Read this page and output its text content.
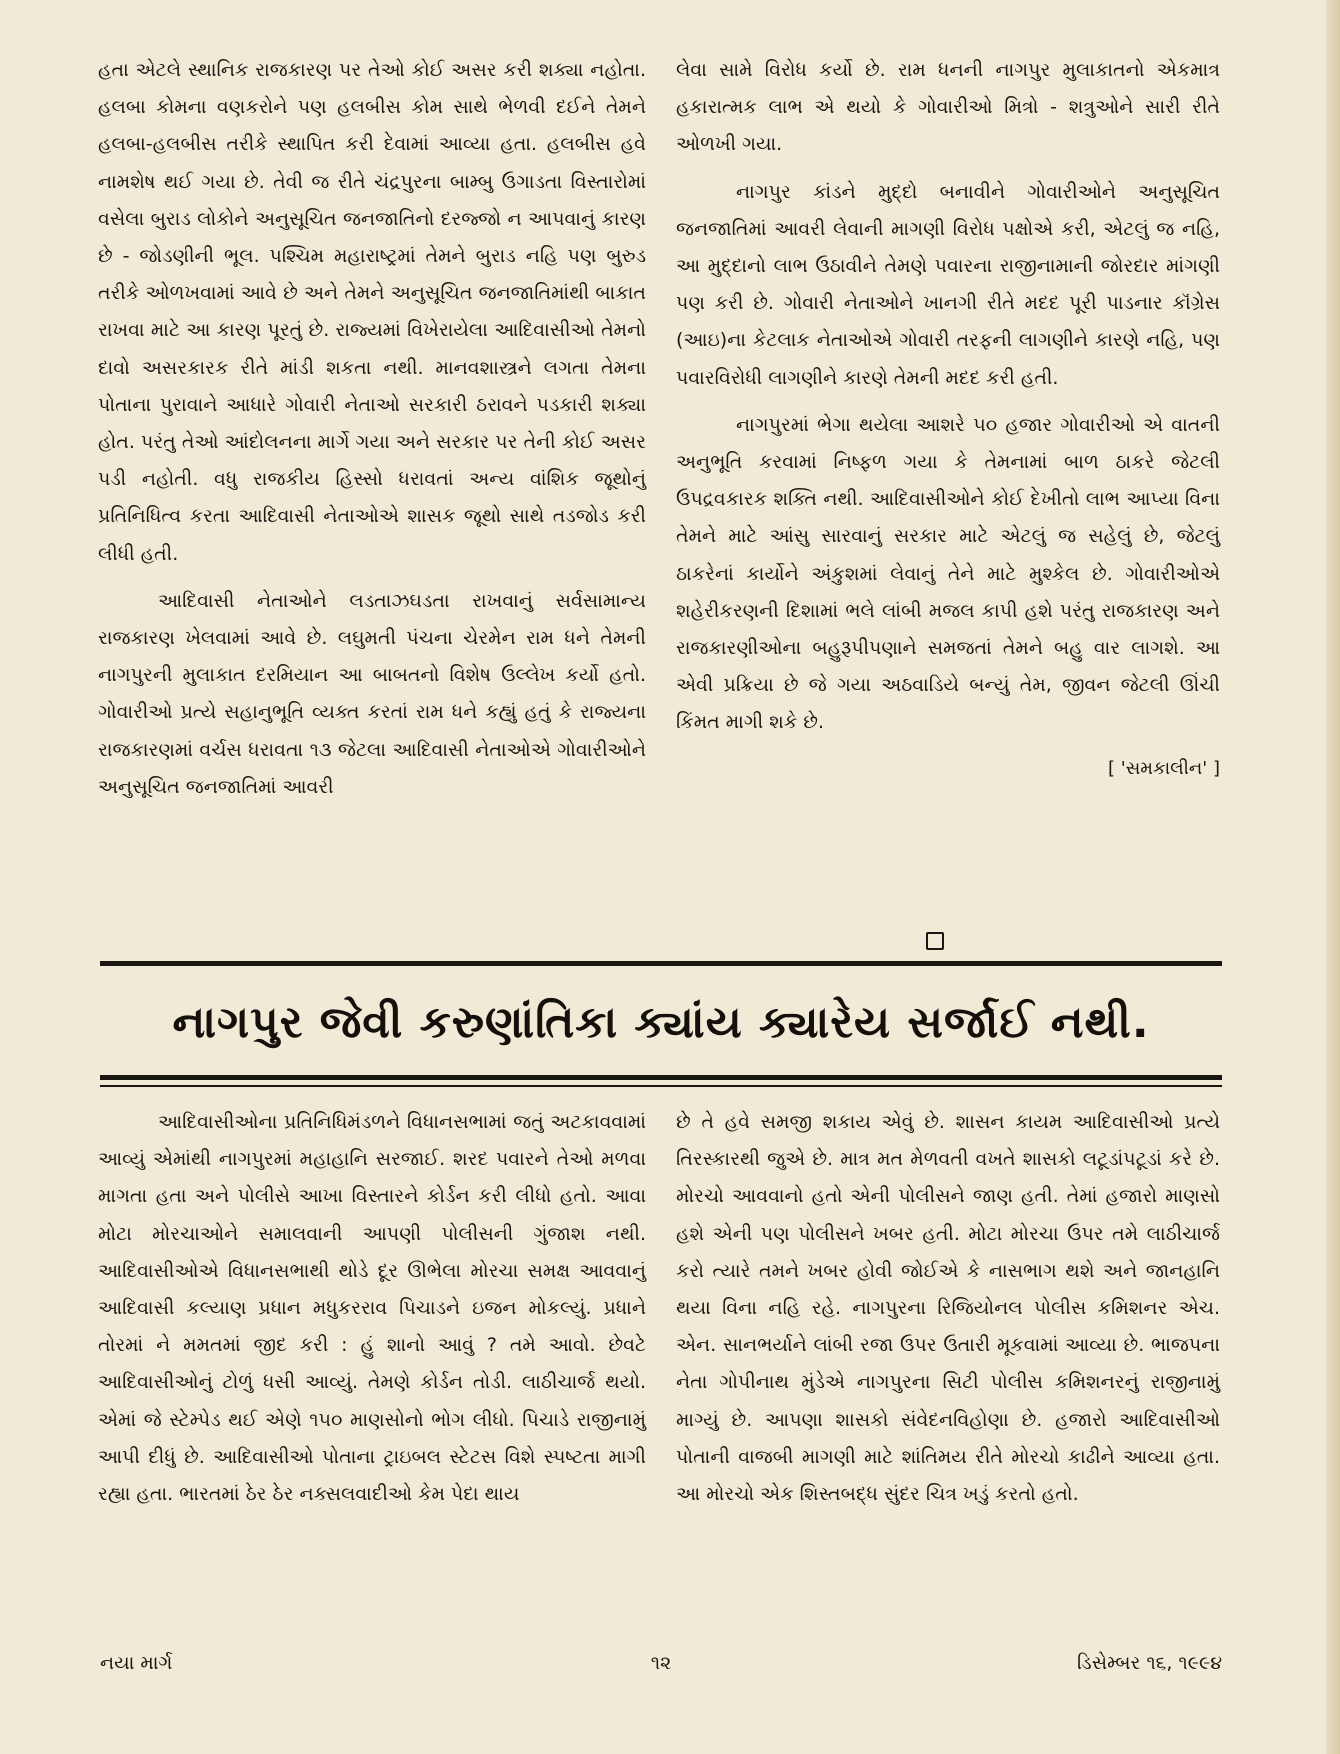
હતા એટલે સ્થાનિક રાજકારણ પર તેઓ કોઈ અસર કરી શક્યા નહોતા. હલબા કોમના વણકરોને પણ હલબીસ કોમ સાથે ભેળવી દઈને તેમને હલબા-હલબીસ તરીકે સ્થાપિત કરી દેવામાં આવ્યા હતા. હલબીસ હવે નામશેષ થઈ ગયા છે. તેવી જ રીતે ચંદ્રપુરના બામ્બુ ઉગાડતા વિસ્તારોમાં વસેલા બુરાડ લોકોને અનુસૂચિત જનજાતિનો દરજ્જો ન આપવાનું કારણ છે - જોડણીની ભૂલ. પશ્ચિમ મહારાષ્ટ્રમાં તેમને બુરાડ નહિ પણ બુરુડ તરીકે ઓળખવામાં આવે છે અને તેમને અનુસૂચિત જનજાતિમાંથી બાકાત રાખવા માટે આ કારણ પૂરતું છે. રાજ્યમાં વિખેરાયેલા આદિવાસીઓ તેમનો દાવો અસરકારક રીતે માંડી શકતા નથી. માનવશાસ્ત્રને લગતા તેમના પોતાના પુરાવાને આધારે ગોવારી નેતાઓ સરકારી ઠરાવને પડકારી શક્યા હોત. પરંતુ તેઓ આંદોલનના માર્ગે ગયા અને સરકાર પર તેની કોઈ અસર પડી નહોતી. વધુ રાજકીય હિસ્સો ધરાવતાં અન્ય વાંશિક જૂથોનું પ્રતિનિધિત્વ કરતા આદિવાસી નેતાઓએ શાસક જૂથો સાથે તડજોડ કરી લીધી હતી.

આદિવાસી નેતાઓને લડતાઝઘડતા રાખવાનું સર્વસામાન્ય રાજકારણ ખેલવામાં આવે છે. લઘુમતી પંચના ચેરમેન રામ ધને તેમની નાગપુરની મુલાકાત દરમિયાન આ બાબતનો વિશેષ ઉલ્લેખ કર્યો હતો. ગોવારીઓ પ્રત્યે સહાનુભૂતિ વ્યક્ત કરતાં રામ ધને કહ્યું હતું કે રાજ્યના રાજકારણમાં વર્ચસ ધરાવતા ૧૩ જેટલા આદિવાસી નેતાઓએ ગોવારીઓને અનુસૂચિત જનજાતિમાં આવરી

લેવા સામે વિરોધ કર્યો છે. રામ ધનની નાગપુર મુલાકાતનો એકમાત્ર હકારાત્મક લાભ એ થયો કે ગોવારીઓ મિત્રો - શત્રુઓને સારી રીતે ઓળખી ગયા.

નાગપુર કાંડને મુદ્દો બનાવીને ગોવારીઓને અનુસૂચિત જનજાતિમાં આવરી લેવાની માગણી વિરોધ પક્ષોએ કરી, એટલું જ નહિ, આ મુદ્દાનો લાભ ઉઠાવીને તેમણે પવારના રાજીનામાની જોરદાર માંગણી પણ કરી છે. ગોવારી નેતાઓને ખાનગી રીતે મદદ પૂરી પાડનાર કૉંગ્રેસ (આઇ)ના કેટલાક નેતાઓએ ગોવારી તરફની લાગણીને કારણે નહિ, પણ પવારવિરોધી લાગણીને કારણે તેમની મદદ કરી હતી.

નાગપુરમાં ભેગા થયેલા આશરે ૫૦ હજાર ગોવારીઓ એ વાતની અનુભૂતિ કરવામાં નિષ્ફળ ગયા કે તેમનામાં બાળ ઠાકરે જેટલી ઉપદ્રવકારક શક્તિ નથી. આદિવાસીઓને કોઈ દેખીતો લાભ આપ્યા વિના તેમને માટે આંસુ સારવાનું સરકાર માટે એટલું જ સહેલું છે, જેટલું ઠાકરેનાં કાર્યોને અંકુશમાં લેવાનું તેને માટે મુશ્કેલ છે. ગોવારીઓએ શહેરીકરણની દિશામાં ભલે લાંબી મજલ કાપી હશે પરંતુ રાજકારણ અને રાજકારણીઓના બહુરૂપીપણાને સમજતાં તેમને બહુ વાર લાગશે. આ એવી પ્રક્રિયા છે જે ગયા અઠવાડિયે બન્યું તેમ, જીવન જેટલી ઊંચી કિંમત માગી શકે છે.

[ 'સમકાલીન' ]
નાગપુર જેવી કરુણાંતિકા ક્યાંય ક્યારેય સર્જાઈ નથી.

આદિવાસીઓના પ્રતિનિધિમંડળને વિધાનસભામાં જતું અટકાવવામાં આવ્યું એમાંથી નાગપુરમાં મહાહાનિ સરજાઈ. શરદ પવારને તેઓ મળવા માગતા હતા અને પોલીસે આખા વિસ્તારને કોર્ડન કરી લીધો હતો. આવા મોટા મોરચાઓને સમાલવાની આપણી પોલીસની ગુંજાશ નથી. આદિવાસીઓએ વિધાનસભાથી થોડે દૂર ઊભેલા મોરચા સમક્ષ આવવાનું આદિવાસી કલ્યાણ પ્રધાન મધુકરરાવ પિચાડને ઇજન મોકલ્યું. પ્રધાને તોરમાં ને મમતમાં જીદ કરી : હું શાનો આવું ? તમે આવો. છેવટે આદિવાસીઓનું ટોળું ધસી આવ્યું. તેમણે કોર્ડન તોડી. લાઠીચાર્જ થયો. એમાં જે સ્ટેમ્પેડ થઈ એણે ૧૫૦ માણસોનો ભોગ લીધો. પિચાડે રાજીનામું આપી દીધું છે. આદિવાસીઓ પોતાના ટ્રાઇબલ સ્ટેટસ વિશે સ્પષ્ટતા માગી રહ્યા હતા. ભારતમાં ઠેર ઠેર નક્સલવાદીઓ કેમ પેદા થાય

છે તે હવે સમજી શકાય એવું છે. શાસન કાયમ આદિવાસીઓ પ્રત્યે તિરસ્કારથી જુએ છે. માત્ર મત મેળવતી વખતે શાસકો લટૂડાંપટૂડાં કરે છે. મોરચો આવવાનો હતો એની પોલીસને જાણ હતી. તેમાં હજારો માણસો હશે એની પણ પોલીસને ખબર હતી. મોટા મોરચા ઉપર તમે લાઠીચાર્જ કરો ત્યારે તમને ખબર હોવી જોઈએ કે નાસભાગ થશે અને જાનહાનિ થયા વિના નહિ રહે. નાગપુરના રિજિયોનલ પોલીસ કમિશનર એચ. એન. સાનભર્યાને લાંબી રજા ઉપર ઉતારી મૂકવામાં આવ્યા છે. ભાજપના નેતા ગોપીનાથ મુંડેએ નાગપુરના સિટી પોલીસ કમિશનરનું રાજીનામું માગ્યું છે. આપણા શાસકો સંવેદનવિહોણા છે. હજારો આદિવાસીઓ પોતાની વાજબી માગણી માટે શાંતિમય રીતે મોરચો કાઢીને આવ્યા હતા. આ મોરચો એક શિસ્તબદ્ધ સુંદર ચિત્ર ખડું કરતો હતો.

નયા માર્ગ	૧૨	ડિસેમ્બર ૧૬, ૧૯૯૪
